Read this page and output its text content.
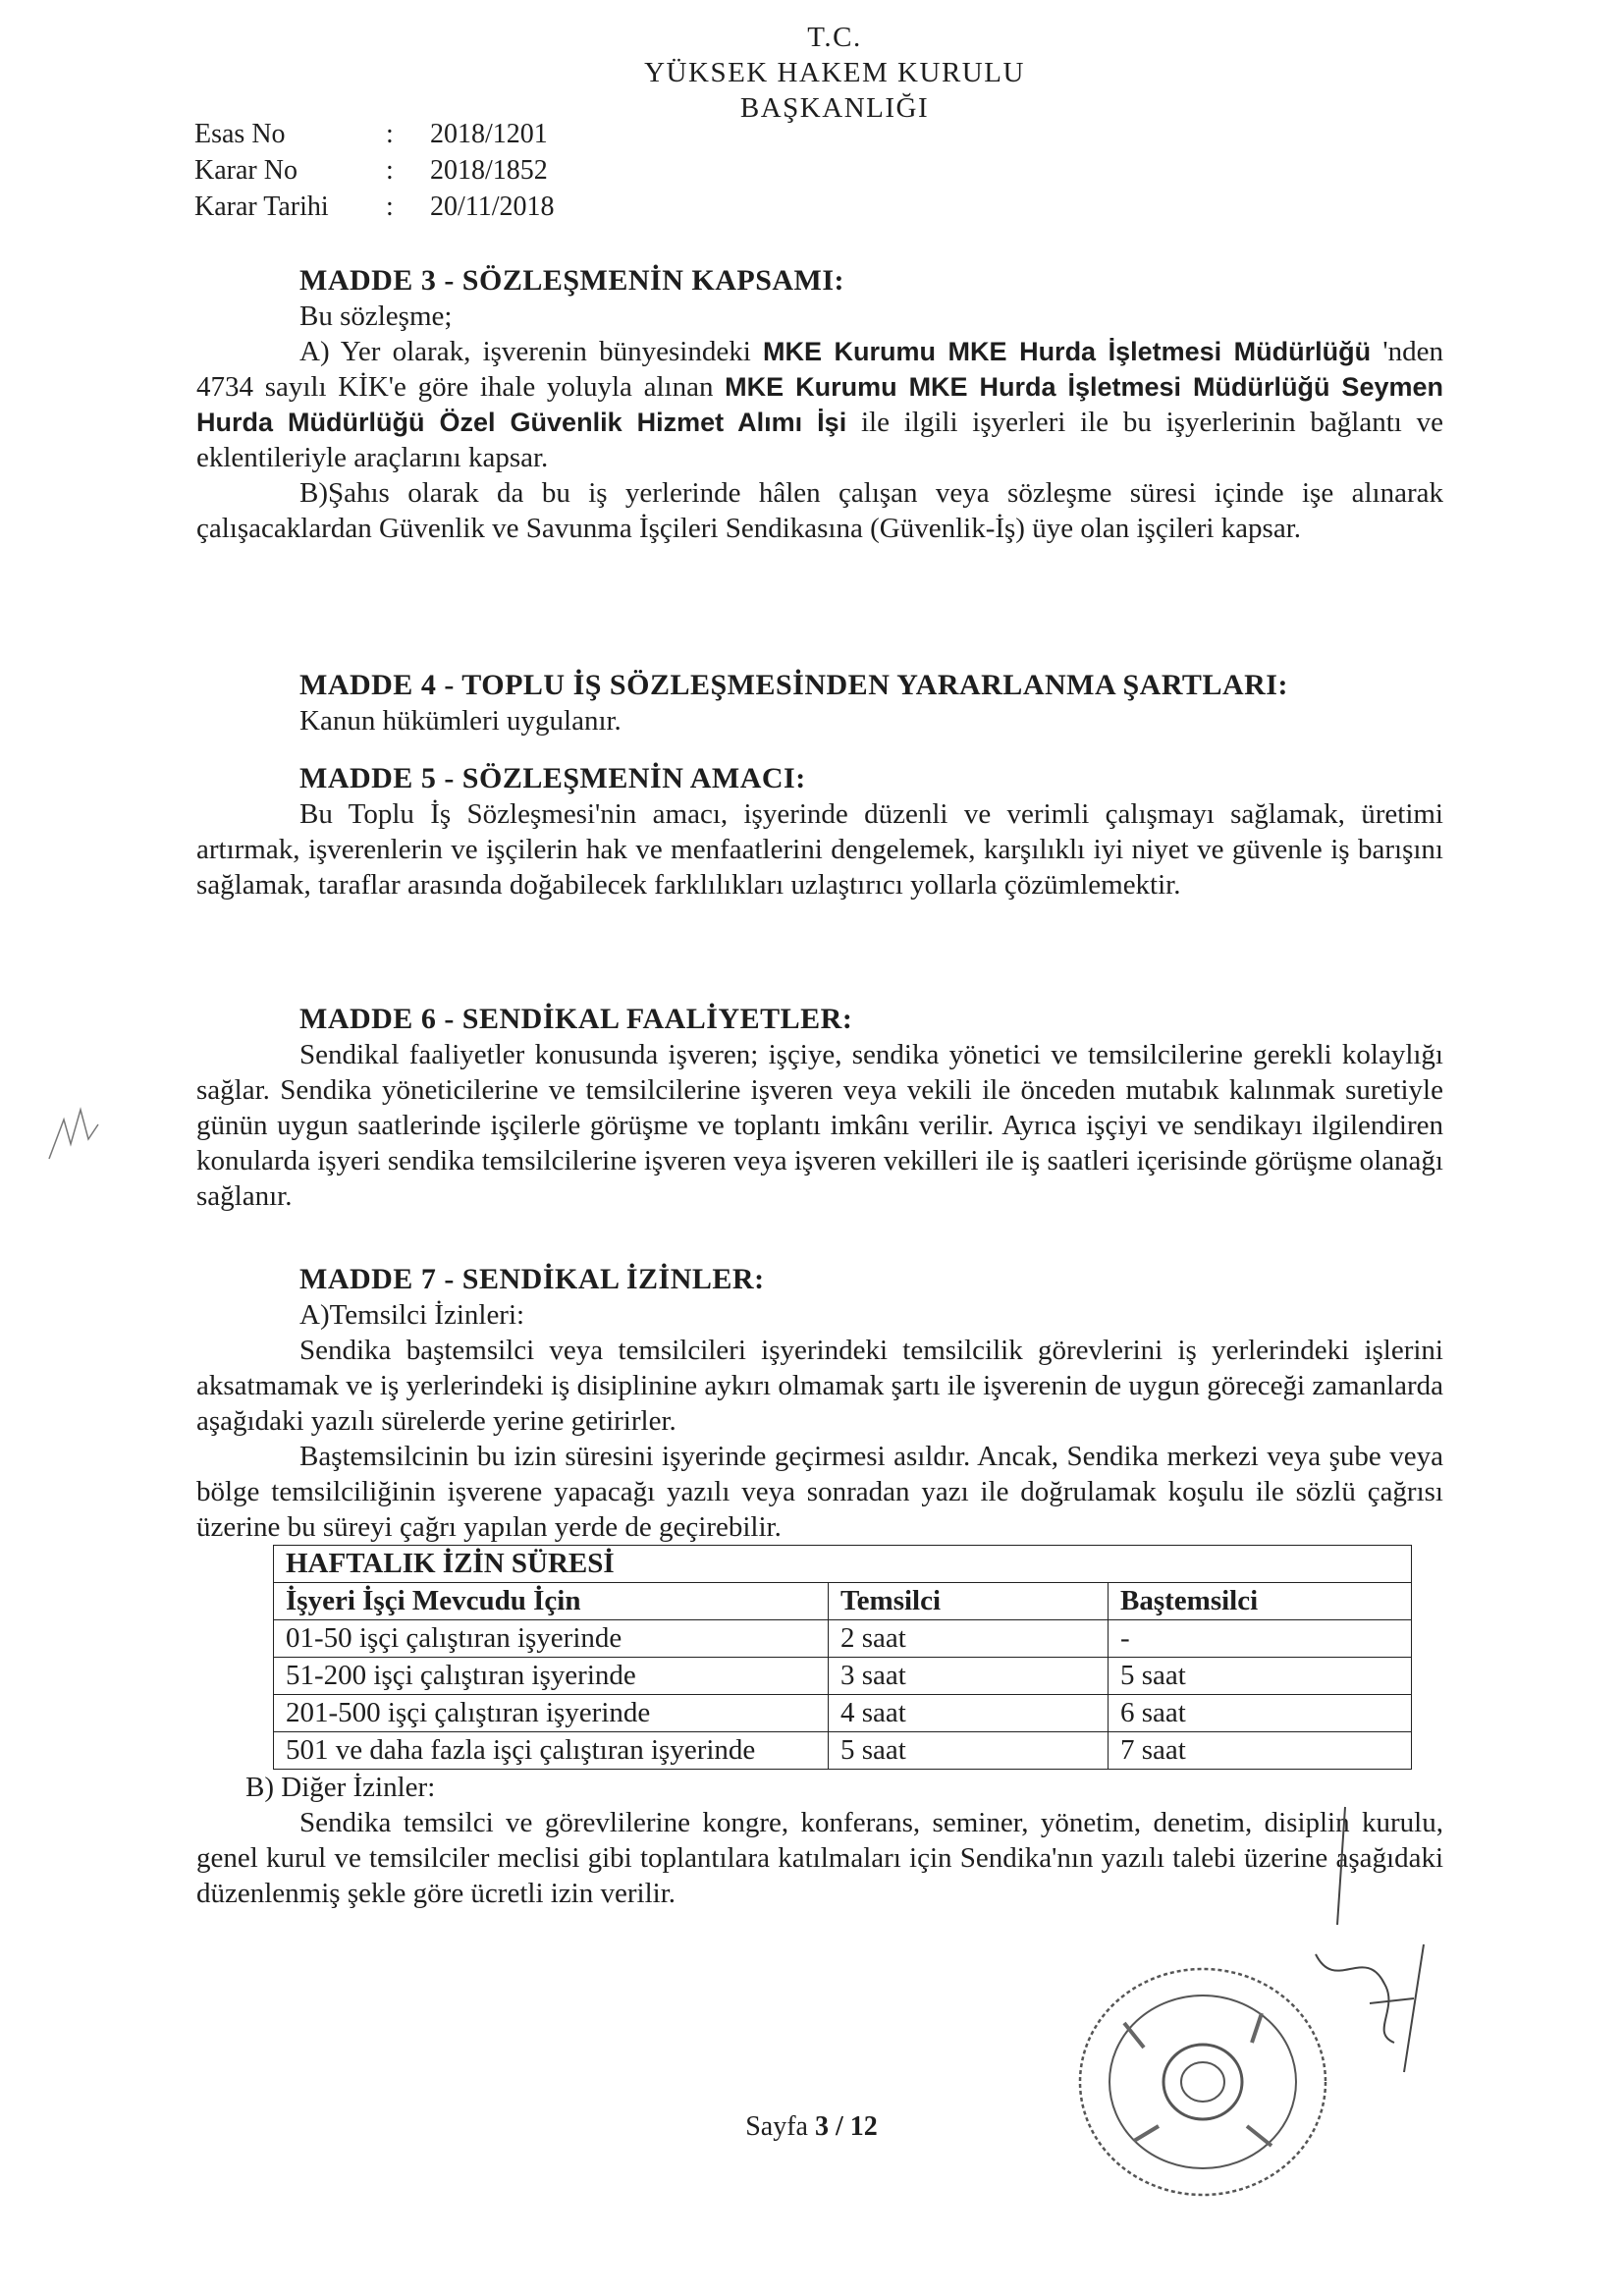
T.C.
YÜKSEK HAKEM KURULU
BAŞKANLIĞI
Esas No	:	2018/1201
Karar No	:	2018/1852
Karar Tarihi	:	20/11/2018
MADDE 3 - SÖZLEŞMENİN KAPSAMI:
Bu sözleşme;
A) Yer olarak, işverenin bünyesindeki MKE Kurumu MKE Hurda İşletmesi Müdürlüğü 'nden 4734 sayılı KİK'e göre ihale yoluyla alınan MKE Kurumu MKE Hurda İşletmesi Müdürlüğü Seymen Hurda Müdürlüğü Özel Güvenlik Hizmet Alımı İşi ile ilgili işyerleri ile bu işyerlerinin bağlantı ve eklentileriyle araçlarını kapsar.
B)Şahıs olarak da bu iş yerlerinde hâlen çalışan veya sözleşme süresi içinde işe alınarak çalışacaklardan Güvenlik ve Savunma İşçileri Sendikasına (Güvenlik-İş) üye olan işçileri kapsar.
MADDE 4 - TOPLU İŞ SÖZLEŞMESİNDEN YARARLANMA ŞARTLARI:
Kanun hükümleri uygulanır.
MADDE 5 - SÖZLEŞMENİN AMACI:
Bu Toplu İş Sözleşmesi'nin amacı, işyerinde düzenli ve verimli çalışmayı sağlamak, üretimi artırmak, işverenlerin ve işçilerin hak ve menfaatlerini dengelemek, karşılıklı iyi niyet ve güvenle iş barışını sağlamak, taraflar arasında doğabilecek farklılıkları uzlaştırıcı yollarla çözümlemektir.
MADDE 6 - SENDİKAL FAALİYETLER:
Sendikal faaliyetler konusunda işveren; işçiye, sendika yönetici ve temsilcilerine gerekli kolaylığı sağlar. Sendika yöneticilerine ve temsilcilerine işveren veya vekili ile önceden mutabık kalınmak suretiyle günün uygun saatlerinde işçilerle görüşme ve toplantı imkânı verilir. Ayrıca işçiyi ve sendikayı ilgilendiren konularda işyeri sendika temsilcilerine işveren veya işveren vekilleri ile iş saatleri içerisinde görüşme olanağı sağlanır.
MADDE 7 - SENDİKAL İZİNLER:
A)Temsilci İzinleri:
Sendika baştemsilci veya temsilcileri işyerindeki temsilcilik görevlerini iş yerlerindeki işlerini aksatmamak ve iş yerlerindeki iş disiplinine aykırı olmamak şartı ile işverenin de uygun göreceği zamanlarda aşağıdaki yazılı sürelerde yerine getirirler.
Baştemsilcinin bu izin süresini işyerinde geçirmesi asıldır. Ancak, Sendika merkezi veya şube veya bölge temsilciliğinin işverene yapacağı yazılı veya sonradan yazı ile doğrulamak koşulu ile sözlü çağrısı üzerine bu süreyi çağrı yapılan yerde de geçirebilir.
HAFTALIK İZİN SÜRESİ		
İşyeri İşçi Mevcudu İçin	Temsilci	Baştemsilci
01-50 işçi çalıştıran işyerinde	2 saat	-
51-200 işçi çalıştıran işyerinde	3 saat	5 saat
201-500 işçi çalıştıran işyerinde	4 saat	6 saat
501 ve daha fazla işçi çalıştıran işyerinde	5 saat	7 saat
B) Diğer İzinler:
Sendika temsilci ve görevlilerine kongre, konferans, seminer, yönetim, denetim, disiplin kurulu, genel kurul ve temsilciler meclisi gibi toplantılara katılmaları için Sendika'nın yazılı talebi üzerine aşağıdaki düzenlenmiş şekle göre ücretli izin verilir.
Sayfa 3 / 12
